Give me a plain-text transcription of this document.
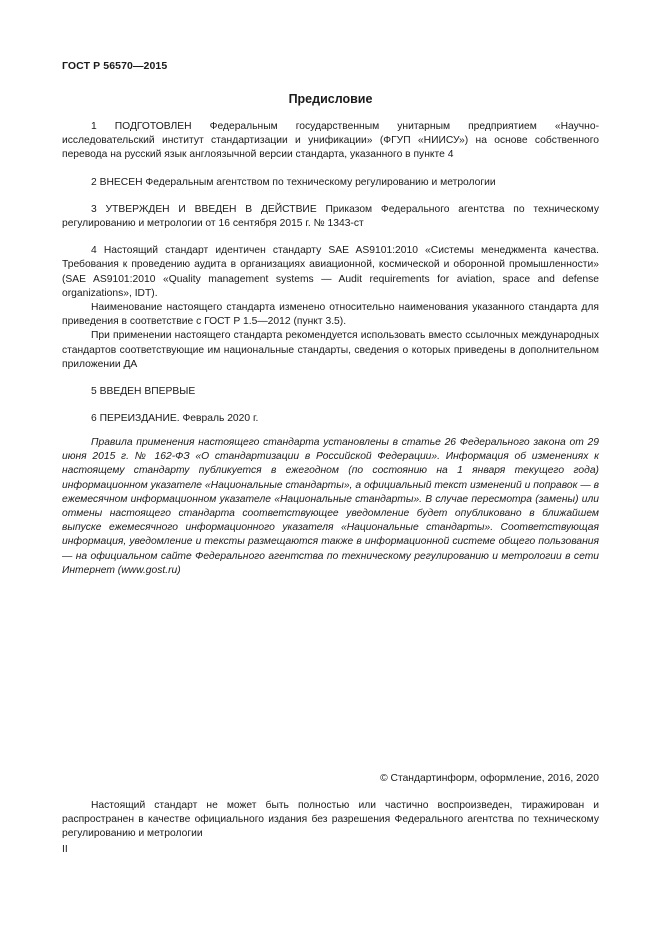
ГОСТ Р 56570—2015
Предисловие

1 ПОДГОТОВЛЕН Федеральным государственным унитарным предприятием «Научно-исследовательский институт стандартизации и унификации» (ФГУП «НИИСУ») на основе собственного перевода на русский язык англоязычной версии стандарта, указанного в пункте 4

2 ВНЕСЕН Федеральным агентством по техническому регулированию и метрологии

3 УТВЕРЖДЕН И ВВЕДЕН В ДЕЙСТВИЕ Приказом Федерального агентства по техническому регулированию и метрологии от 16 сентября 2015 г. № 1343-ст

4 Настоящий стандарт идентичен стандарту SAE AS9101:2010 «Системы менеджмента качества. Требования к проведению аудита в организациях авиационной, космической и оборонной промышленности» (SAE AS9101:2010 «Quality management systems — Audit requirements for aviation, space and defense organizations», IDT).

Наименование настоящего стандарта изменено относительно наименования указанного стандарта для приведения в соответствие с ГОСТ Р 1.5—2012 (пункт 3.5).

При применении настоящего стандарта рекомендуется использовать вместо ссылочных международных стандартов соответствующие им национальные стандарты, сведения о которых приведены в дополнительном приложении ДА

5 ВВЕДЕН ВПЕРВЫЕ

6 ПЕРЕИЗДАНИЕ. Февраль 2020 г.

Правила применения настоящего стандарта установлены в статье 26 Федерального закона от 29 июня 2015 г. № 162-ФЗ «О стандартизации в Российской Федерации». Информация об изменениях к настоящему стандарту публикуется в ежегодном (по состоянию на 1 января текущего года) информационном указателе «Национальные стандарты», а официальный текст изменений и поправок — в ежемесячном информационном указателе «Национальные стандарты». В случае пересмотра (замены) или отмены настоящего стандарта соответствующее уведомление будет опубликовано в ближайшем выпуске ежемесячного информационного указателя «Национальные стандарты». Соответствующая информация, уведомление и тексты размещаются также в информационной системе общего пользования — на официальном сайте Федерального агентства по техническому регулированию и метрологии в сети Интернет (www.gost.ru)

© Стандартинформ, оформление, 2016, 2020

Настоящий стандарт не может быть полностью или частично воспроизведен, тиражирован и распространен в качестве официального издания без разрешения Федерального агентства по техническому регулированию и метрологии

II
